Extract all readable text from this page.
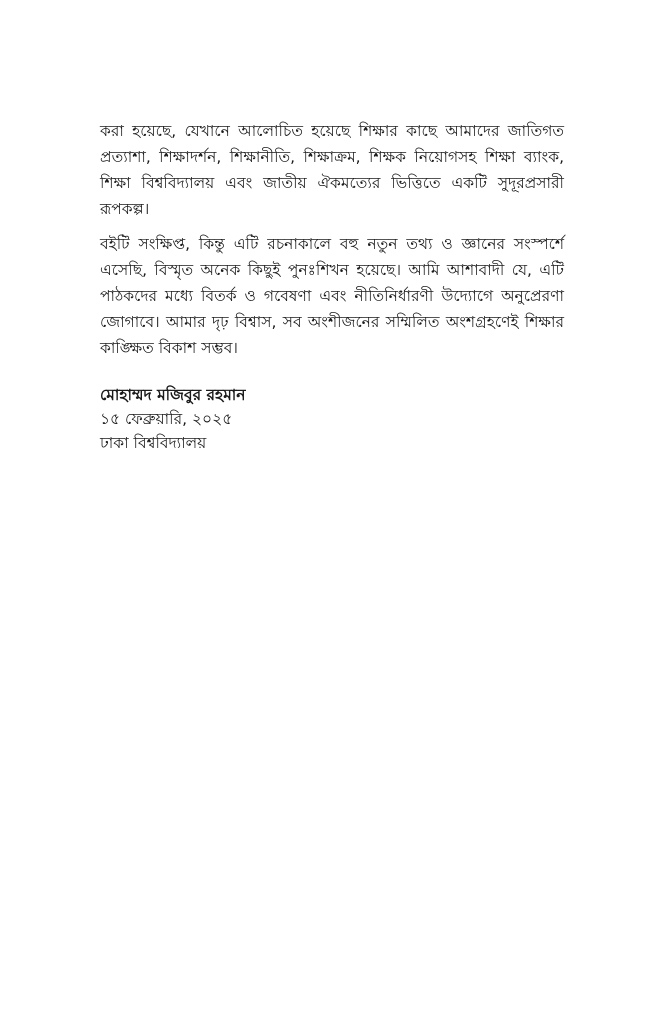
করা হয়েছে, যেখানে আলোচিত হয়েছে শিক্ষার কাছে আমাদের জাতিগত প্রত্যাশা, শিক্ষাদর্শন, শিক্ষানীতি, শিক্ষাক্রম, শিক্ষক নিয়োগসহ শিক্ষা ব্যাংক, শিক্ষা বিশ্ববিদ্যালয় এবং জাতীয় ঐকমত্যের ভিত্তিতে একটি সুদূরপ্রসারী রূপকল্প।

বইটি সংক্ষিপ্ত, কিন্তু এটি রচনাকালে বহু নতুন তথ্য ও জ্ঞানের সংস্পর্শে এসেছি, বিস্মৃত অনেক কিছুই পুনঃশিখন হয়েছে। আমি আশাবাদী যে, এটি পাঠকদের মধ্যে বিতর্ক ও গবেষণা এবং নীতিনির্ধারণী উদ্যোগে অনুপ্রেরণা জোগাবে। আমার দৃঢ় বিশ্বাস, সব অংশীজনের সম্মিলিত অংশগ্রহণেই শিক্ষার কাঙ্ক্ষিত বিকাশ সম্ভব।

মোহাম্মদ মজিবুর রহমান
১৫ ফেব্রুয়ারি, ২০২৫
ঢাকা বিশ্ববিদ্যালয়
